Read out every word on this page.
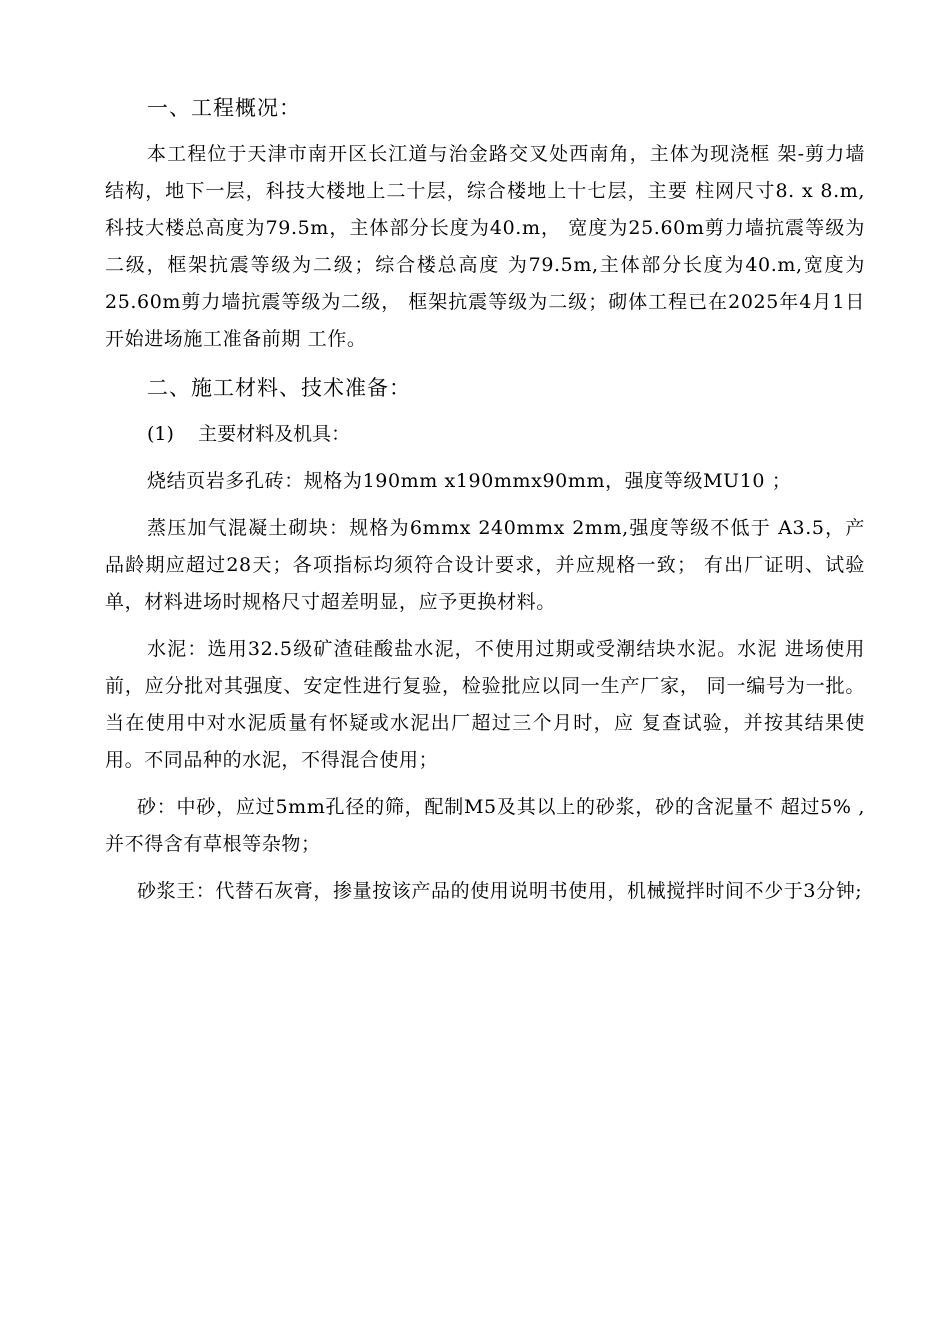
一、工程概况：

本工程位于天津市南开区长江道与治金路交叉处西南角，主体为现浇框 架-剪力墙结构，地下一层，科技大楼地上二十层，综合楼地上十七层，主要 柱网尺寸8. x 8.m,科技大楼总高度为79.5m，主体部分长度为40.m， 宽度为25.60m剪力墙抗震等级为二级，框架抗震等级为二级；综合楼总高度 为79.5m,主体部分长度为40.m,宽度为25.60m剪力墙抗震等级为二级， 框架抗震等级为二级；砌体工程已在2025年4月1日开始进场施工准备前期 工作。

二、施工材料、技术准备：
(1)    主要材料及机具：

烧结页岩多孔砖：规格为190mm x190mmx90mm，强度等级MU10 ；

蒸压加气混凝土砌块：规格为6mmx 240mmx 2mm,强度等级不低于 A3.5，产品龄期应超过28天；各项指标均须符合设计要求，并应规格一致； 有出厂证明、试验单，材料进场时规格尺寸超差明显，应予更换材料。

水泥：选用32.5级矿渣硅酸盐水泥，不使用过期或受潮结块水泥。水泥 进场使用前，应分批对其强度、安定性进行复验，检验批应以同一生产厂家， 同一编号为一批。当在使用中对水泥质量有怀疑或水泥出厂超过三个月时，应 复查试验，并按其结果使用。不同品种的水泥，不得混合使用；

砂：中砂，应过5mm孔径的筛，配制M5及其以上的砂浆，砂的含泥量不 超过5% ,并不得含有草根等杂物；

砂浆王：代替石灰膏，掺量按该产品的使用说明书使用，机械搅拌时间不少于3分钟;
